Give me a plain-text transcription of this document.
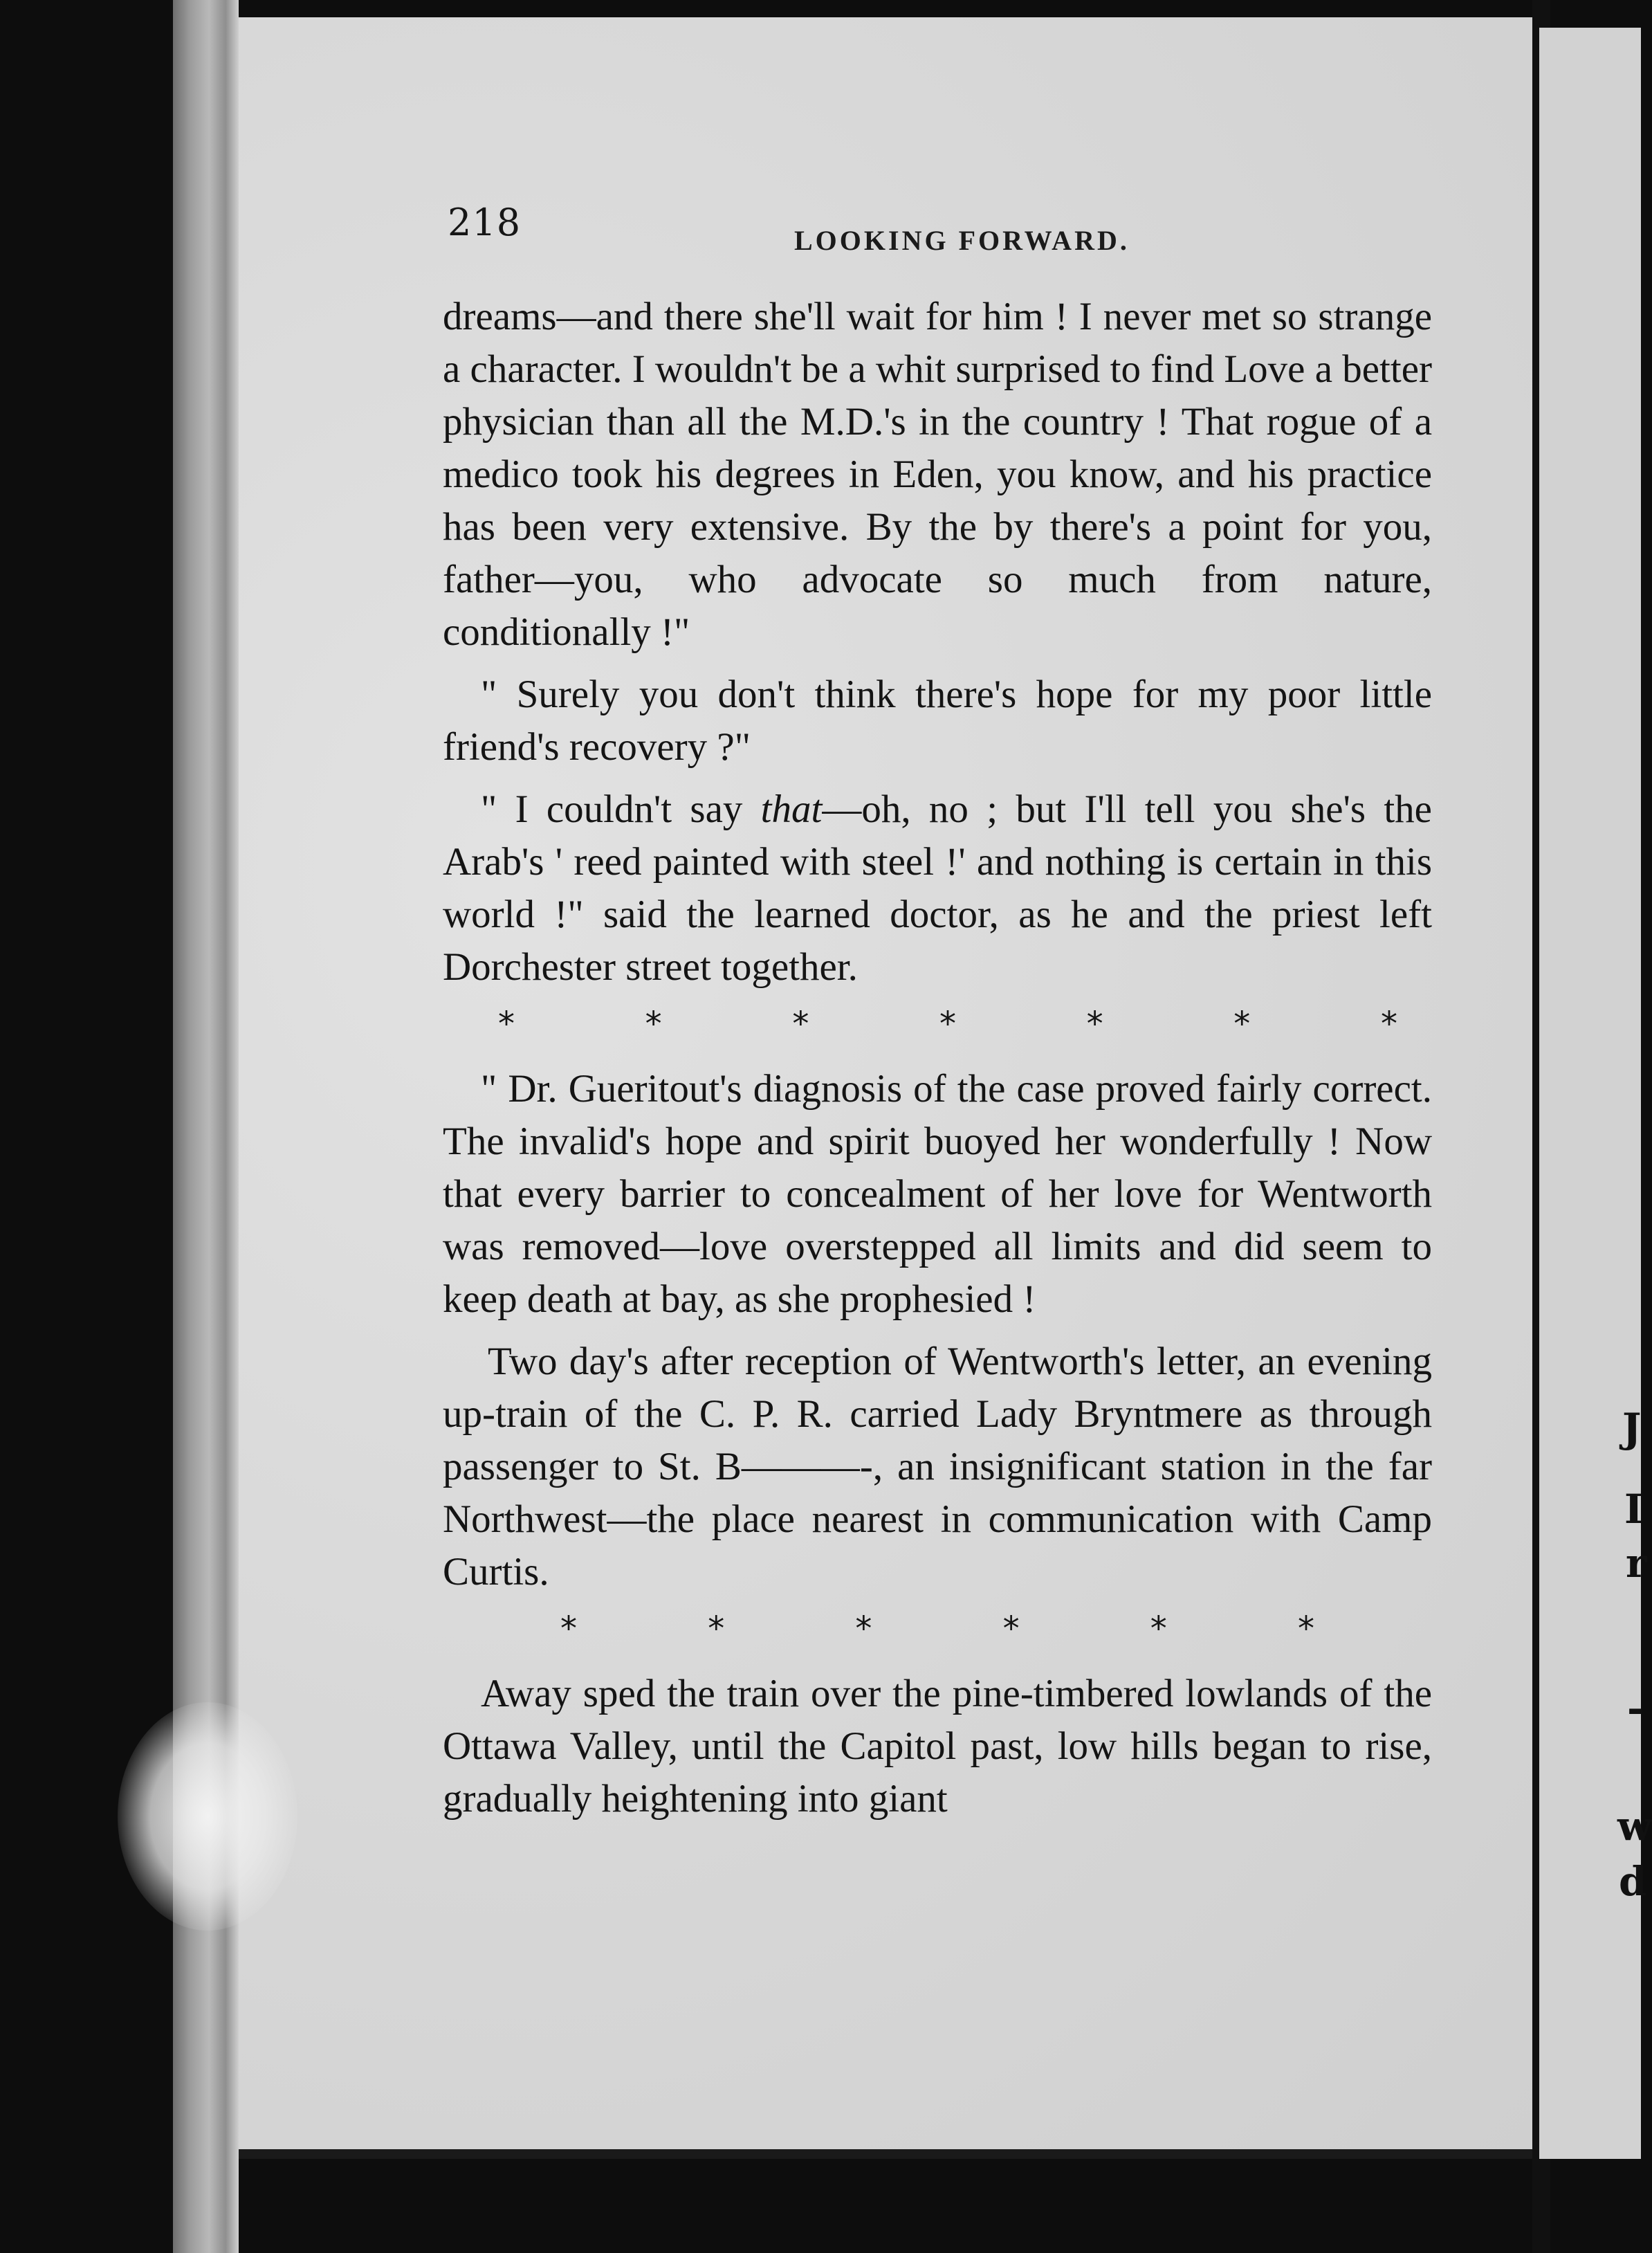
J
I
r
-
w
d
218	LOOKING FORWARD.

dreams—and there she'll wait for him ! I never met so strange a character. I wouldn't be a whit surprised to find Love a better physician than all the M.D.'s in the country ! That rogue of a medico took his degrees in Eden, you know, and his practice has been very extensive. By the by there's a point for you, father—you, who advocate so much from nature, conditionally !"

" Surely you don't think there's hope for my poor little friend's recovery ?"

" I couldn't say that—oh, no ; but I'll tell you she's the Arab's ' reed painted with steel !' and nothing is certain in this world !" said the learned doctor, as he and the priest left Dorchester street together.

*	*	*	*	*	*	*

" Dr. Gueritout's diagnosis of the case proved fairly correct. The invalid's hope and spirit buoyed her wonderfully ! Now that every barrier to concealment of her love for Wentworth was removed—love overstepped all limits and did seem to keep death at bay, as she prophesied !

Two day's after reception of Wentworth's letter, an evening up-train of the C. P. R. carried Lady Bryntmere as through passenger to St. B———-, an insignificant station in the far Northwest—the place nearest in communication with Camp Curtis.

*	*	*	*	*	*

Away sped the train over the pine-timbered lowlands of the Ottawa Valley, until the Capitol past, low hills began to rise, gradually heightening into giant
